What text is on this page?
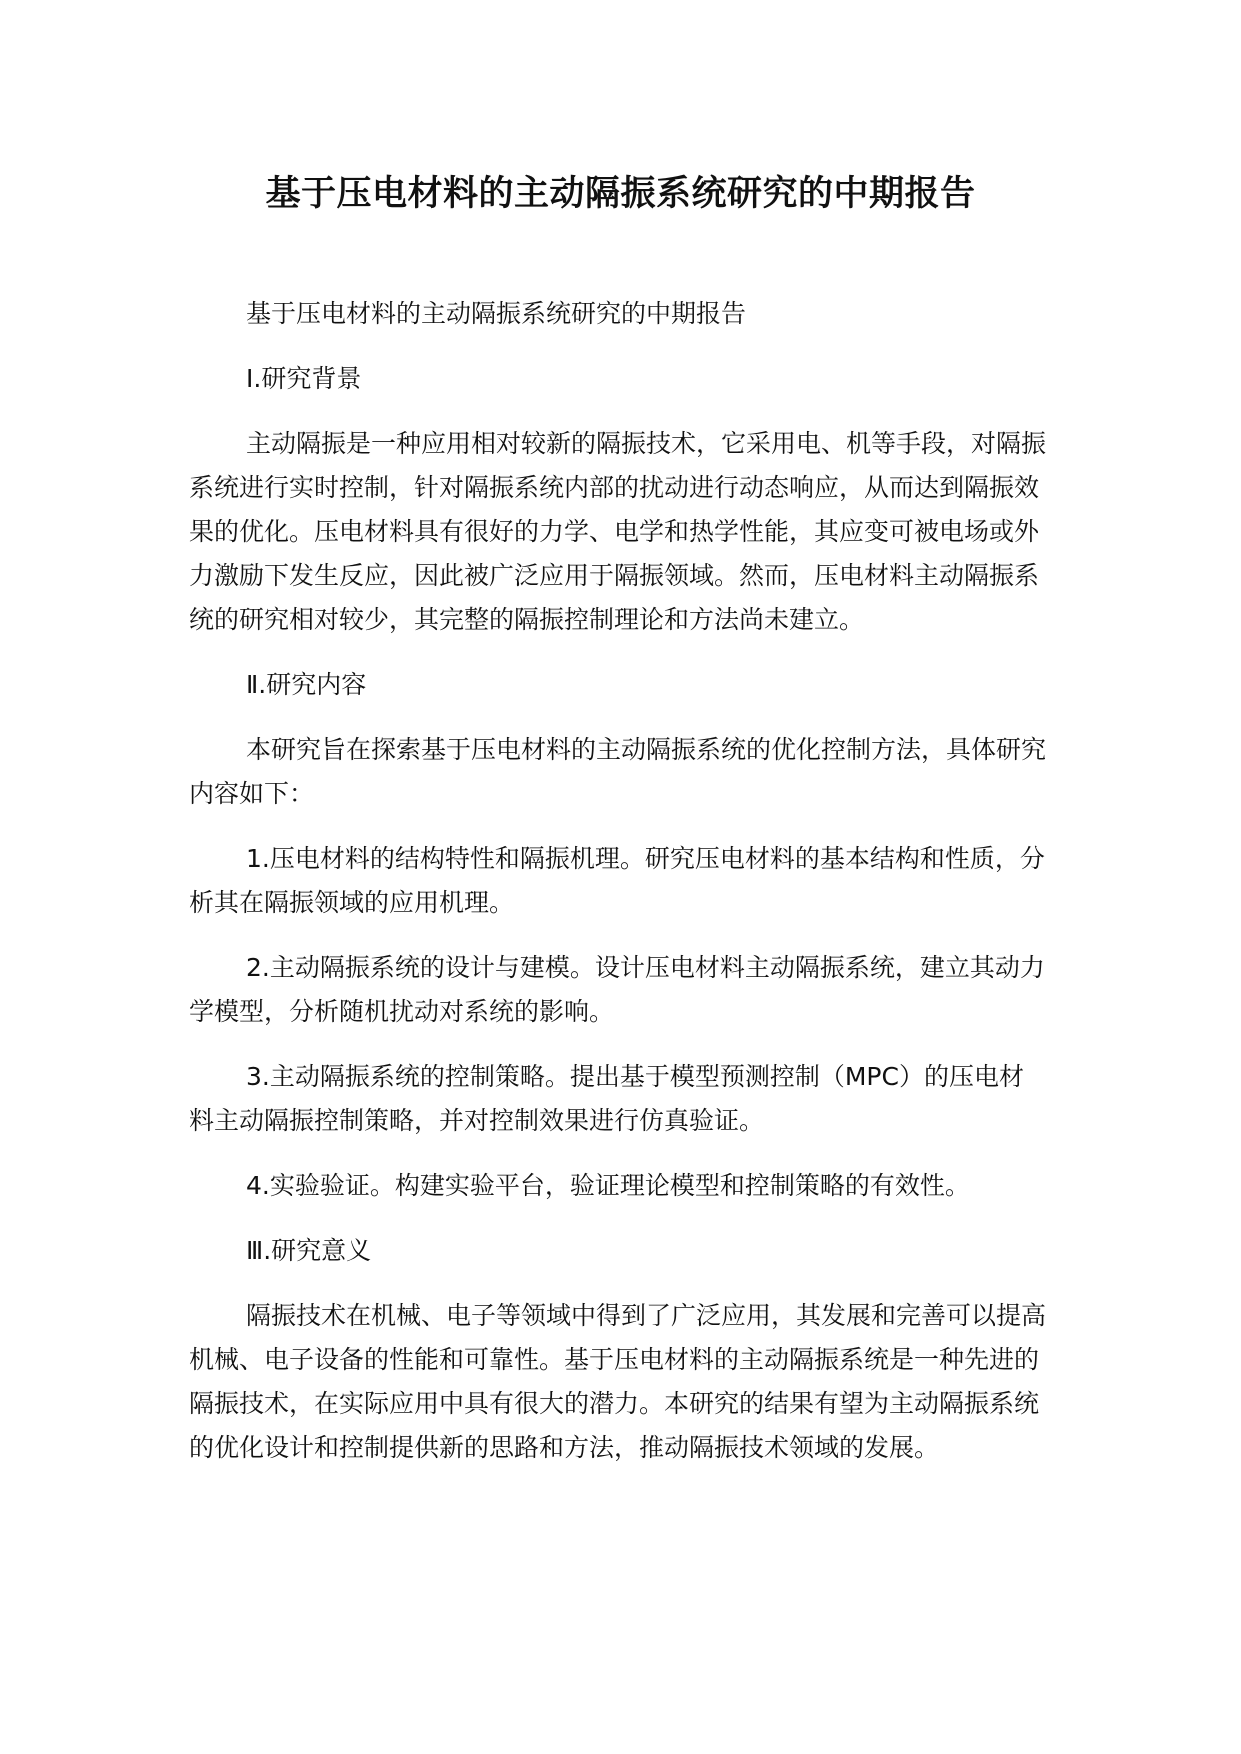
基于压电材料的主动隔振系统研究的中期报告

基于压电材料的主动隔振系统研究的中期报告

Ⅰ.研究背景

主动隔振是一种应用相对较新的隔振技术，它采用电、机等手段，对隔振系统进行实时控制，针对隔振系统内部的扰动进行动态响应，从而达到隔振效果的优化。压电材料具有很好的力学、电学和热学性能，其应变可被电场或外力激励下发生反应，因此被广泛应用于隔振领域。然而，压电材料主动隔振系统的研究相对较少，其完整的隔振控制理论和方法尚未建立。

Ⅱ.研究内容

本研究旨在探索基于压电材料的主动隔振系统的优化控制方法，具体研究内容如下：

1.压电材料的结构特性和隔振机理。研究压电材料的基本结构和性质，分析其在隔振领域的应用机理。

2.主动隔振系统的设计与建模。设计压电材料主动隔振系统，建立其动力学模型，分析随机扰动对系统的影响。

3.主动隔振系统的控制策略。提出基于模型预测控制（MPC）的压电材料主动隔振控制策略，并对控制效果进行仿真验证。

4.实验验证。构建实验平台，验证理论模型和控制策略的有效性。

Ⅲ.研究意义

隔振技术在机械、电子等领域中得到了广泛应用，其发展和完善可以提高机械、电子设备的性能和可靠性。基于压电材料的主动隔振系统是一种先进的隔振技术，在实际应用中具有很大的潜力。本研究的结果有望为主动隔振系统的优化设计和控制提供新的思路和方法，推动隔振技术领域的发展。
